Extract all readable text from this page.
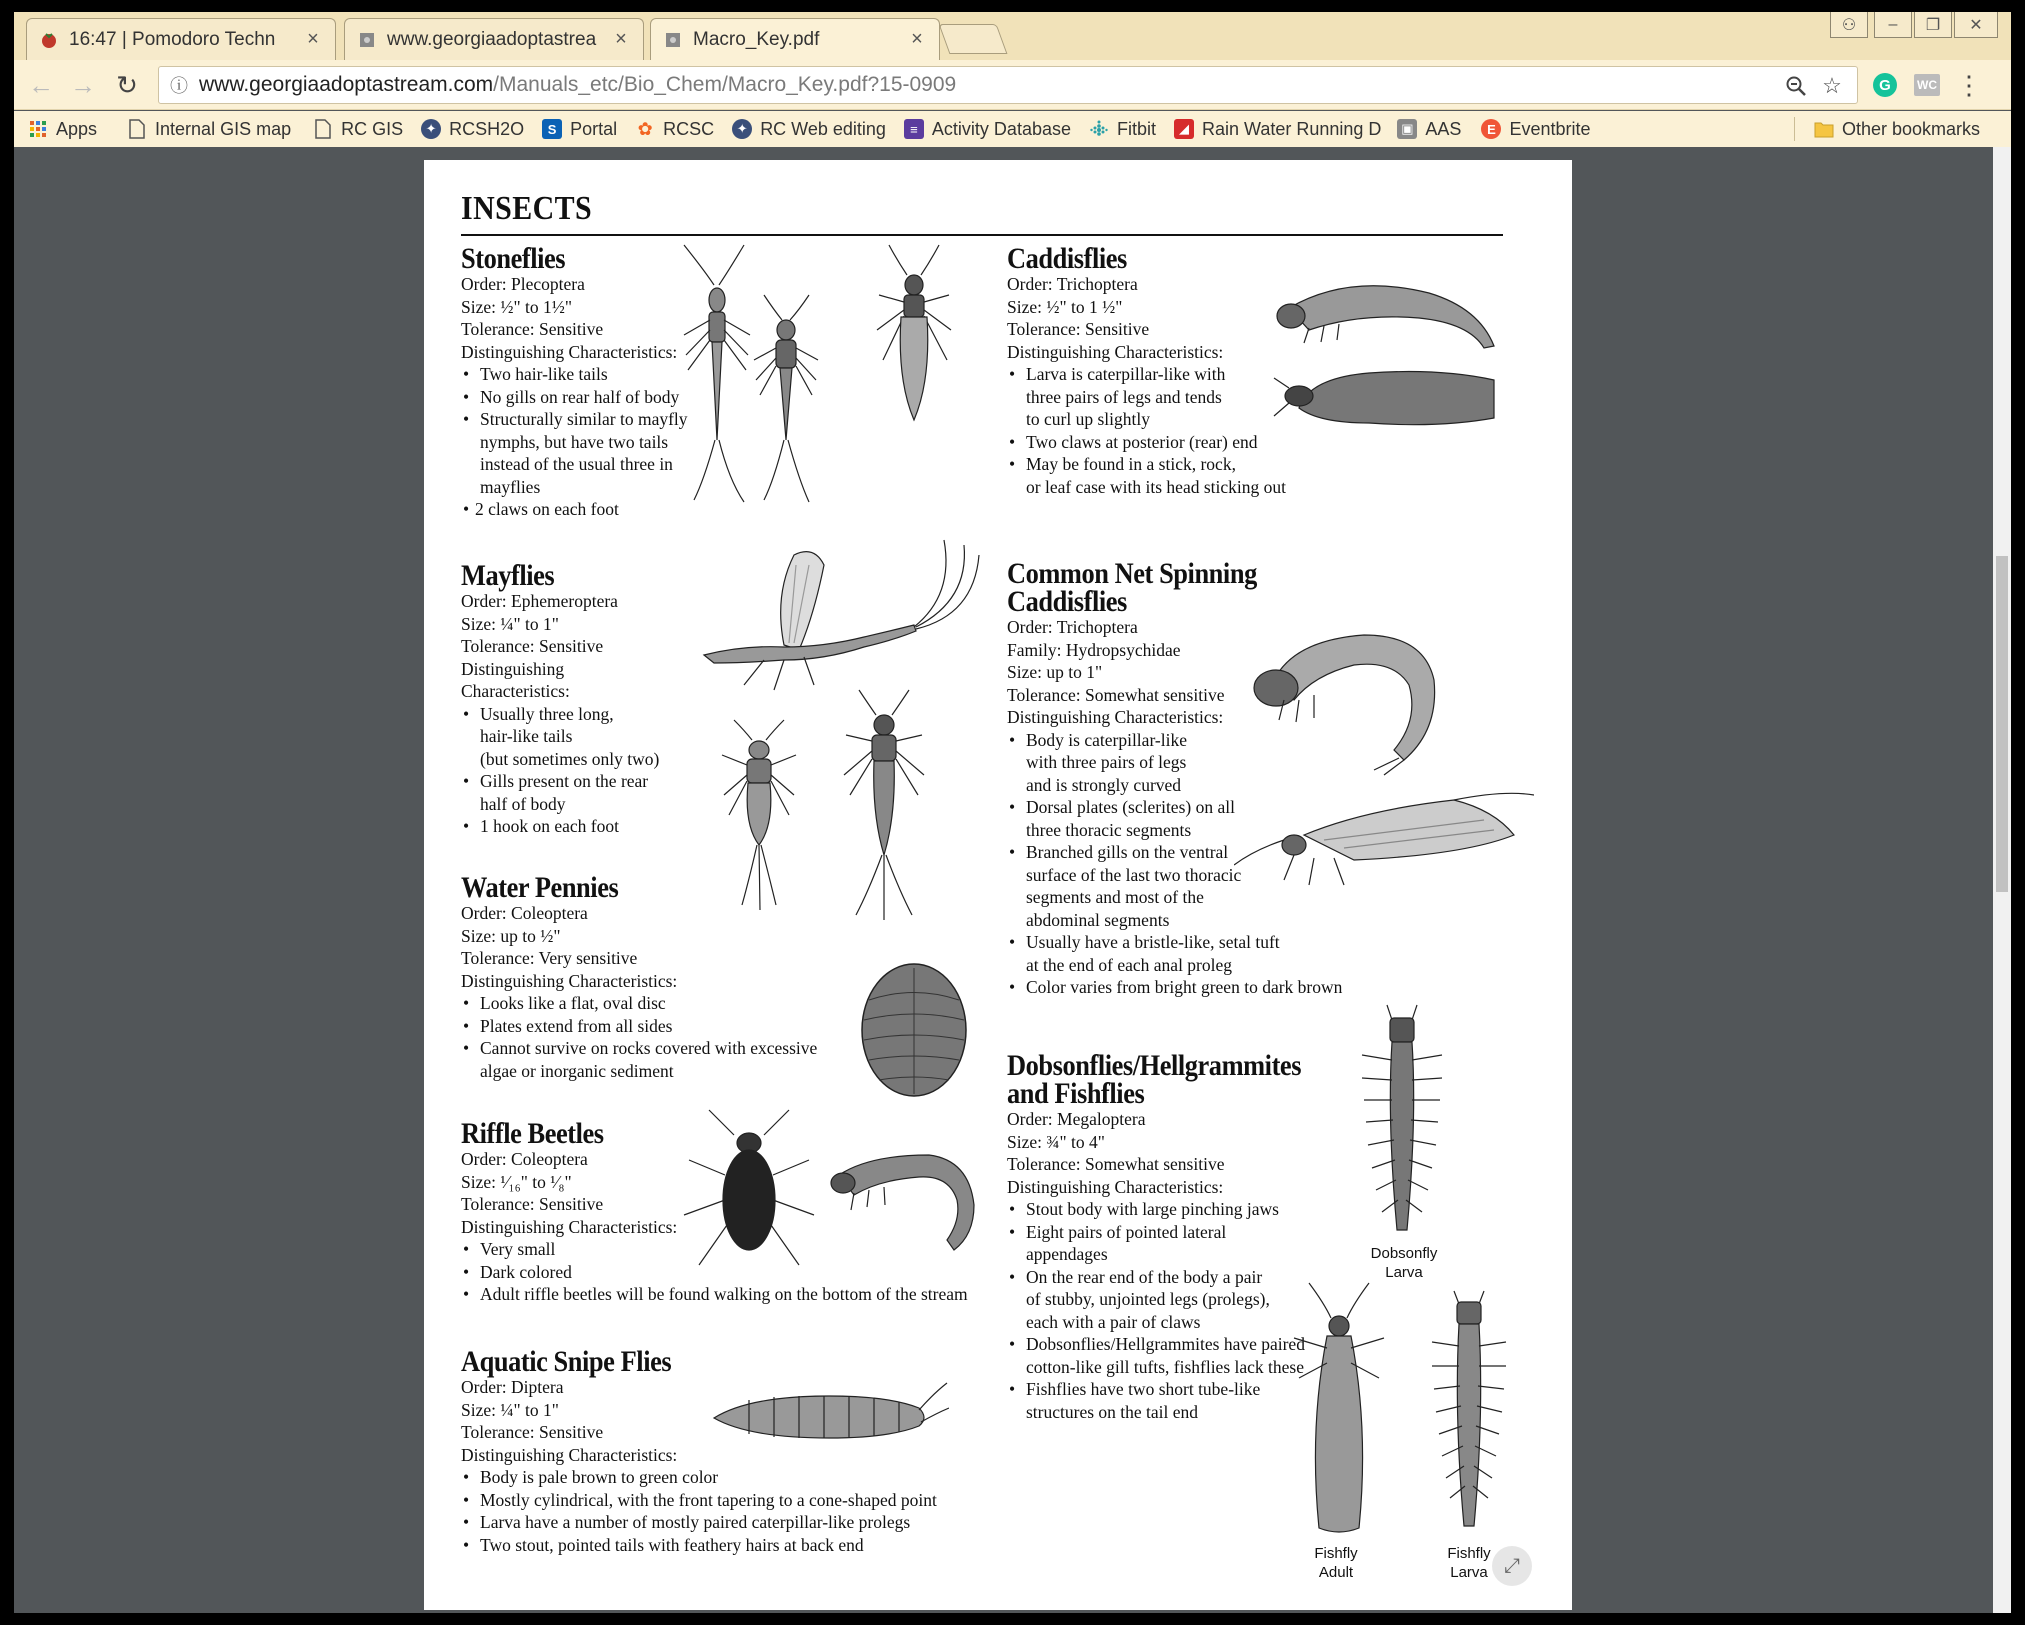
16:47 | Pomodoro Techn	×	www.georgiaadoptastrea ×	Macro_Key.pdf	×
⚇	–	❐	✕
← → ↻	ⓘ www.georgiaadoptastream.com /Manuals_etc/Bio_Chem/Macro_Key.pdf?15-0909	☆ G WC ⋮
Apps	Internal GIS map	RC GIS	✦ RCSH2O	S Portal ✿ RCSC	✦ RC Web editing	≡ Activity Database	Fitbit	◢ Rain Water Running D ▣ AAS	E Eventbrite	Other bookmarks
INSECTS
Stoneflies
Order: Plecoptera
Size: ½" to 1½"
Tolerance: Sensitive
Distinguishing Characteristics:
• Two hair-like tails
• No gills on rear half of body
• Structurally similar to mayfly
nymphs, but have two tails
instead of the usual three in
mayflies
• 2 claws on each foot
Caddisflies
Order: Trichoptera
Size: ½" to 1 ½"
Tolerance: Sensitive
Distinguishing Characteristics:
• Larva is caterpillar-like with
three pairs of legs and tends
to curl up slightly
• Two claws at posterior (rear) end
• May be found in a stick, rock,
or leaf case with its head sticking out
Mayflies
Order: Ephemeroptera
Size: ¼" to 1"
Tolerance: Sensitive
Distinguishing
Characteristics:
• Usually three long,
hair-like tails
(but sometimes only two)
• Gills present on the rear
half of body
• 1 hook on each foot
Common Net Spinning
Caddisflies
Order: Trichoptera
Family: Hydropsychidae
Size: up to 1"
Tolerance: Somewhat sensitive
Distinguishing Characteristics:
• Body is caterpillar-like
with three pairs of legs
and is strongly curved
• Dorsal plates (sclerites) on all
three thoracic segments
• Branched gills on the ventral
surface of the last two thoracic
segments and most of the
abdominal segments
• Usually have a bristle-like, setal tuft
at the end of each anal proleg
• Color varies from bright green to dark brown
Water Pennies
Order: Coleoptera
Size: up to ½"
Tolerance: Very sensitive
Distinguishing Characteristics:
• Looks like a flat, oval disc
• Plates extend from all sides
• Cannot survive on rocks covered with excessive
algae or inorganic sediment	Dobsonflies/Hellgrammites
and Fishflies
Order: Megaloptera
Size: ¾" to 4"
Tolerance: Somewhat sensitive
Distinguishing Characteristics:
• Stout body with large pinching jaws
• Eight pairs of pointed lateral
appendages
• On the rear end of the body a pair
of stubby, unjointed legs (prolegs),
each with a pair of claws
• Dobsonflies/Hellgrammites have paired
cotton-like gill tufts, fishflies lack these
• Fishflies have two short tube-like
structures on the tail end
Dobsonfly
Larva
Fishfly
Adult
Fishfly
Larva
Riffle Beetles
Order: Coleoptera
Size: ¹⁄₁₆" to ¹⁄₈"
Tolerance: Sensitive
Distinguishing Characteristics:
• Very small
• Dark colored
• Adult riffle beetles will be found walking on the bottom of the stream
Aquatic Snipe Flies
Order: Diptera
Size: ¼" to 1"
Tolerance: Sensitive
Distinguishing Characteristics:
• Body is pale brown to green color
• Mostly cylindrical, with the front tapering to a cone-shaped point
• Larva have a number of mostly paired caterpillar-like prolegs
• Two stout, pointed tails with feathery hairs at back end
⤢
